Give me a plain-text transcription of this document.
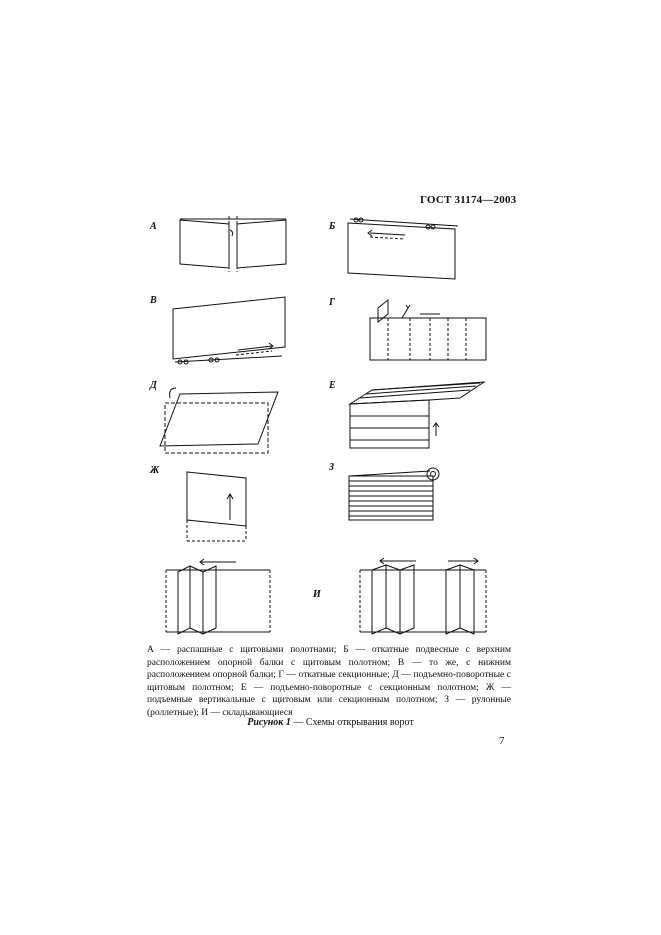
ГОСТ 31174—2003
А	Б
В	Г
Д	Е
Ж	З
И

А — распашные с щитовыми полотнами; Б — откатные подвесные с верхним расположением опорной балки с щитовым полотном; В — то же, с нижним расположением опорной балки; Г — откатные секционные; Д — подъемно-поворотные с щитовым полотном; Е — подъемно-поворотные с секционным полотном; Ж — подъемные вертикальные с щитовым или секционным полотном; З — рулонные (роллетные); И — складывающиеся

Рисунок 1 — Схемы открывания ворот
7
